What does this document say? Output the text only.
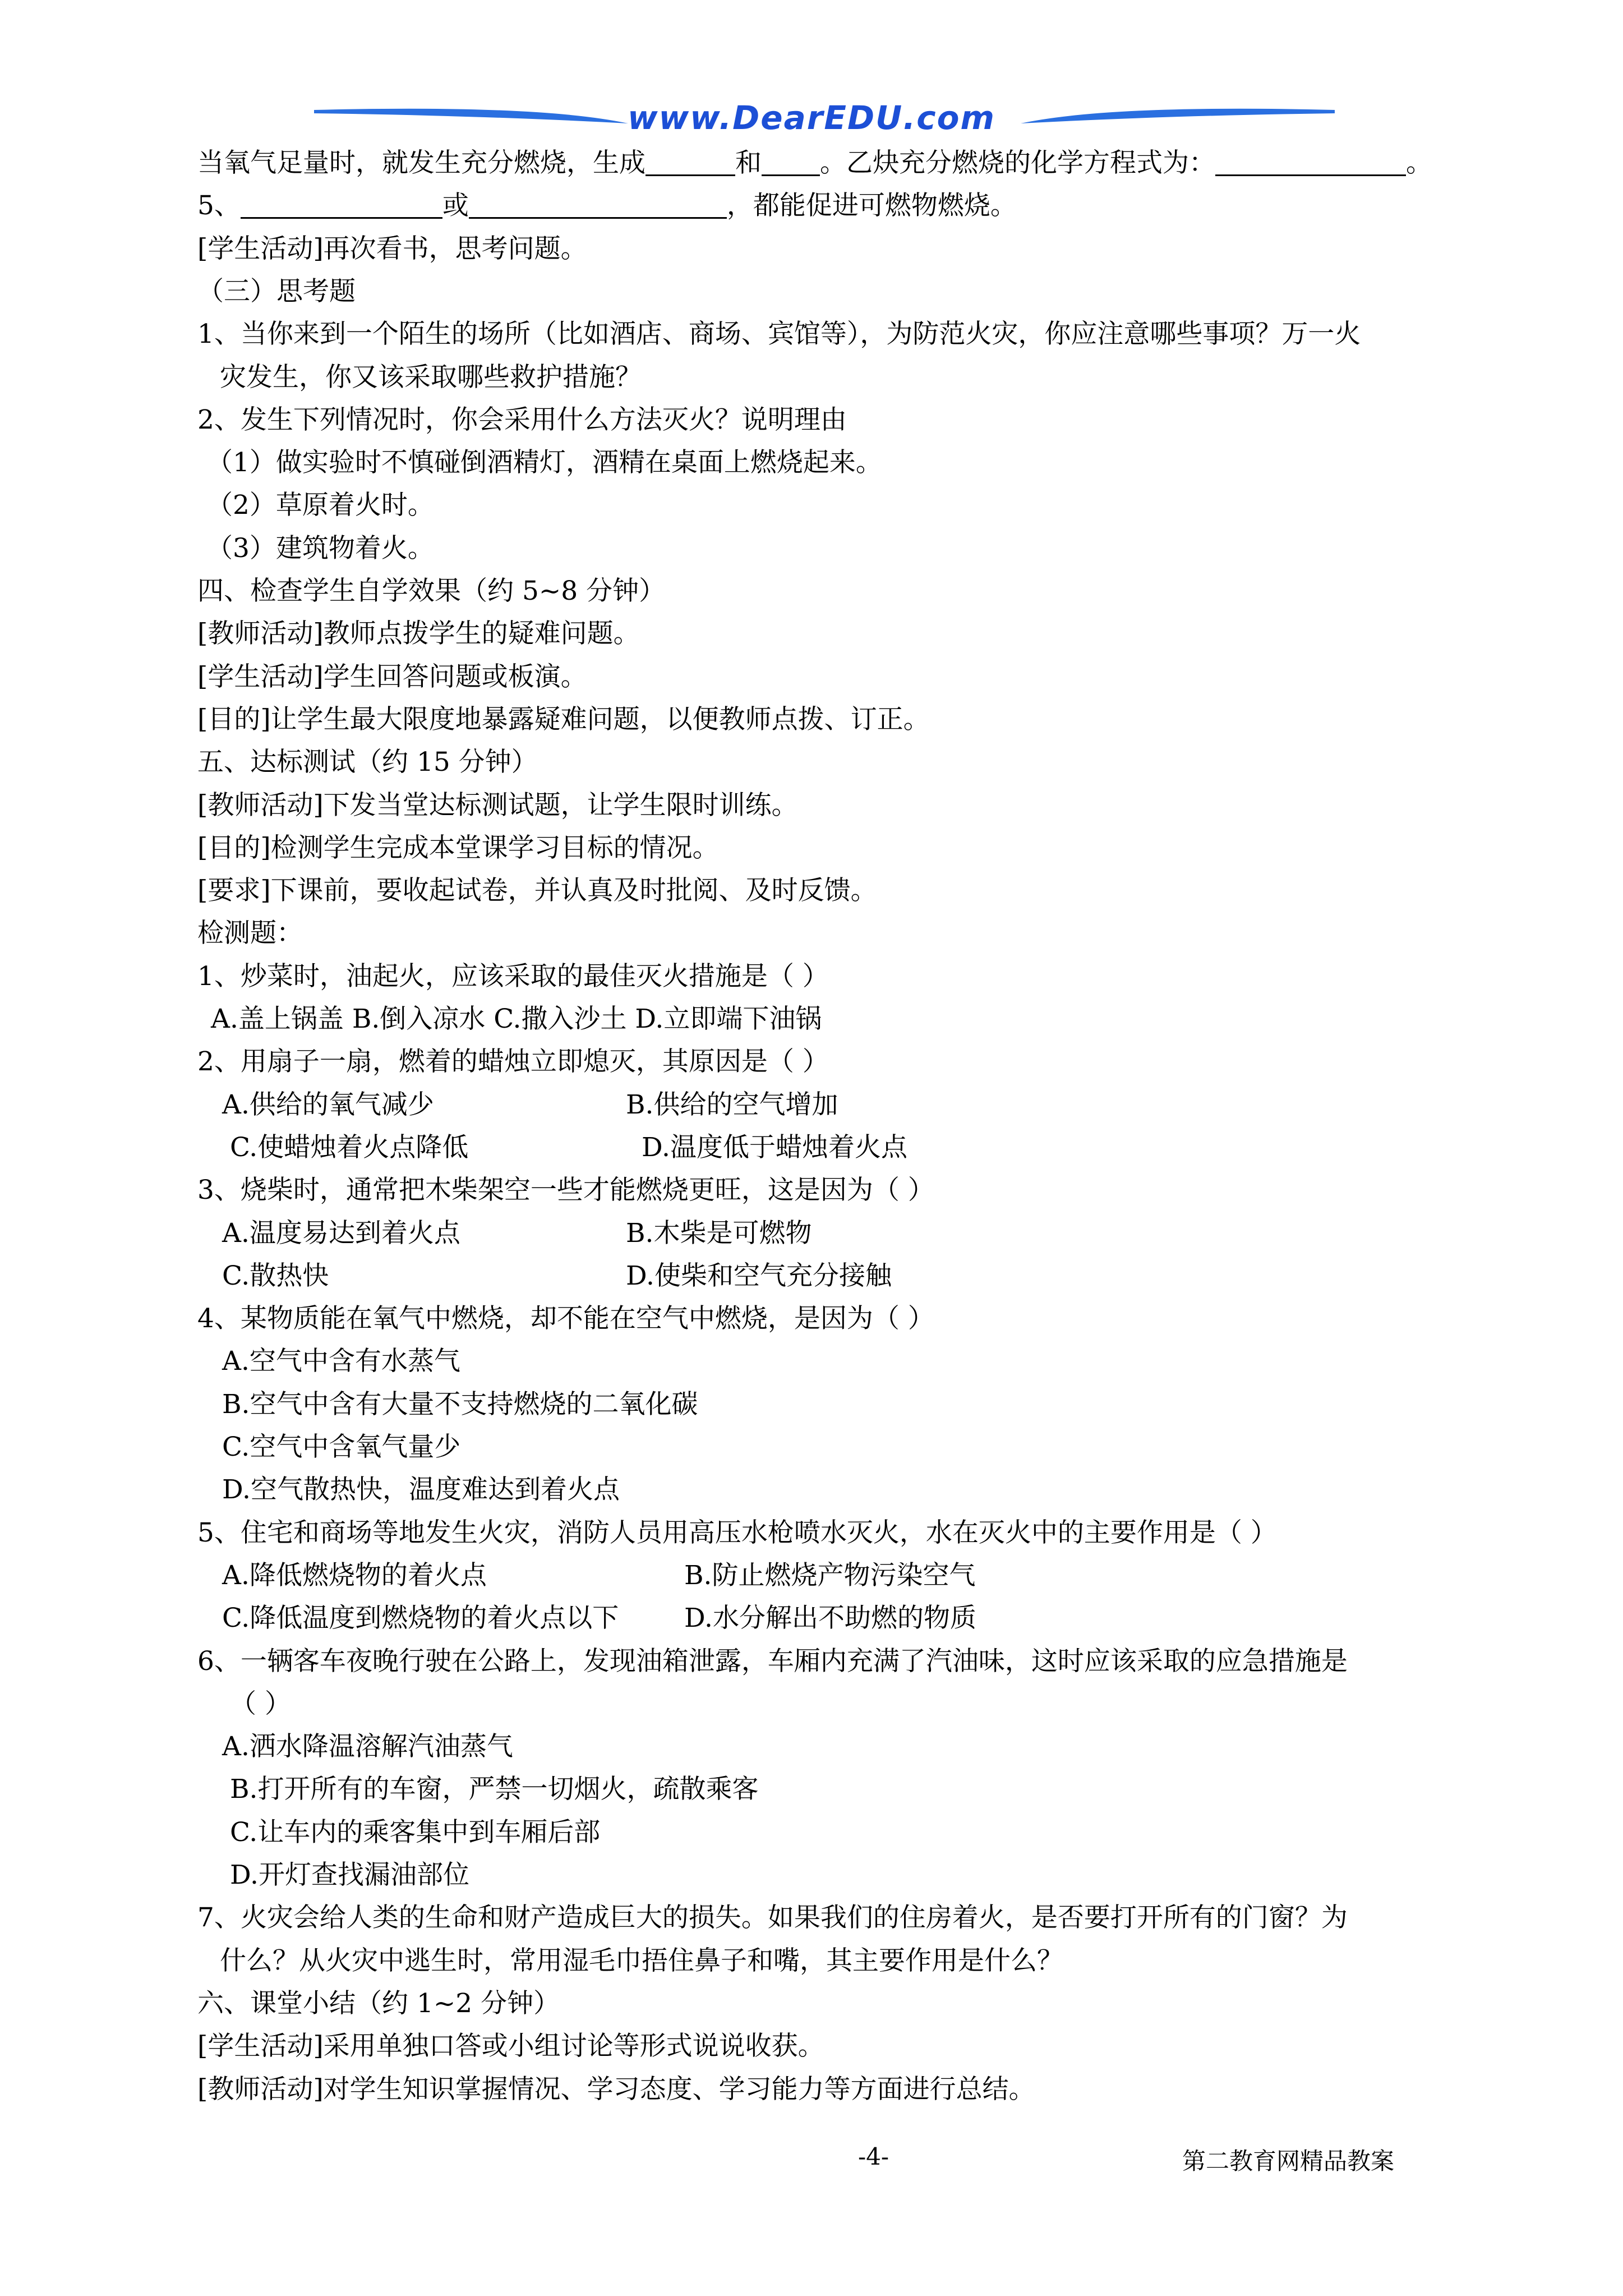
www.DearEDU.com
当氧气足量时，就发生充分燃烧，生成	和 。乙炔充分燃烧的化学方程式为：	。
5、	或	，都能促进可燃物燃烧。
[学生活动]再次看书，思考问题。
（三）思考题
1、当你来到一个陌生的场所（比如酒店、商场、宾馆等），为防范火灾，你应注意哪些事项？万一火
灾发生，你又该采取哪些救护措施？
2、发生下列情况时，你会采用什么方法灭火？说明理由
（1）做实验时不慎碰倒酒精灯，酒精在桌面上燃烧起来。
（2）草原着火时。
（3）建筑物着火。
四、检查学生自学效果（约 5~8 分钟）
[教师活动]教师点拨学生的疑难问题。
[学生活动]学生回答问题或板演。
[目的]让学生最大限度地暴露疑难问题，以便教师点拨、订正。
五、达标测试（约 15 分钟）
[教师活动]下发当堂达标测试题，让学生限时训练。
[目的]检测学生完成本堂课学习目标的情况。
[要求]下课前，要收起试卷，并认真及时批阅、及时反馈。
检测题：
1、炒菜时，油起火，应该采取的最佳灭火措施是（ ）
A.盖上锅盖 B.倒入凉水 C.撒入沙土 D.立即端下油锅
2、用扇子一扇，燃着的蜡烛立即熄灭，其原因是（ ）
A.供给的氧气减少	B.供给的空气增加
C.使蜡烛着火点降低	D.温度低于蜡烛着火点
3、烧柴时，通常把木柴架空一些才能燃烧更旺，这是因为（ ）
A.温度易达到着火点	B.木柴是可燃物
C.散热快	D.使柴和空气充分接触
4、某物质能在氧气中燃烧，却不能在空气中燃烧，是因为（ ）
A.空气中含有水蒸气
B.空气中含有大量不支持燃烧的二氧化碳
C.空气中含氧气量少
D.空气散热快，温度难达到着火点
5、住宅和商场等地发生火灾，消防人员用高压水枪喷水灭火，水在灭火中的主要作用是（ ）
A.降低燃烧物的着火点	B.防止燃烧产物污染空气
C.降低温度到燃烧物的着火点以下 D.水分解出不助燃的物质
6、一辆客车夜晚行驶在公路上，发现油箱泄露，车厢内充满了汽油味，这时应该采取的应急措施是
（ ）
A.洒水降温溶解汽油蒸气
B.打开所有的车窗，严禁一切烟火，疏散乘客
C.让车内的乘客集中到车厢后部
D.开灯查找漏油部位
7、火灾会给人类的生命和财产造成巨大的损失。如果我们的住房着火，是否要打开所有的门窗？为
什么？从火灾中逃生时，常用湿毛巾捂住鼻子和嘴，其主要作用是什么？
六、课堂小结（约 1~2 分钟）
[学生活动]采用单独口答或小组讨论等形式说说收获。
[教师活动]对学生知识掌握情况、学习态度、学习能力等方面进行总结。
-4-	第二教育网精品教案
